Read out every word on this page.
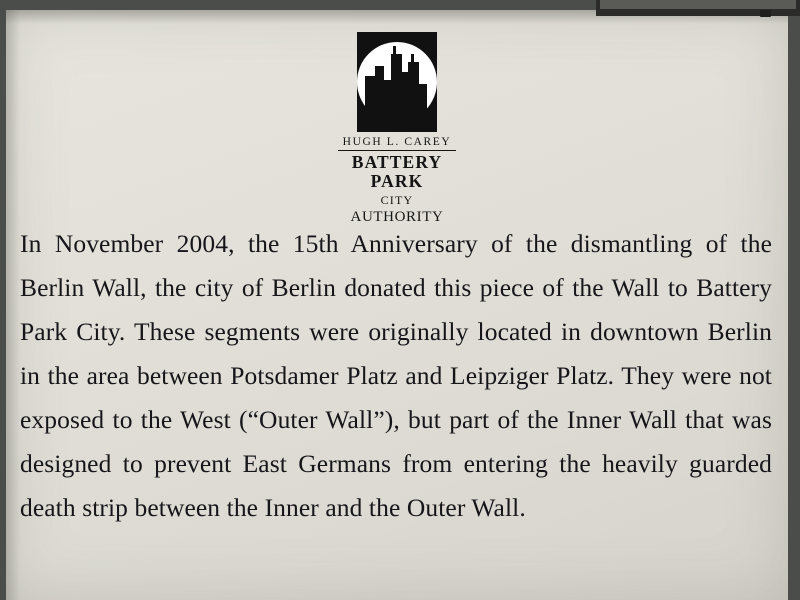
HUGH L. CAREY
BATTERY PARK
CITY AUTHORITY

In November 2004, the 15th Anniversary of the dismantling of the Berlin Wall, the city of Berlin donated this piece of the Wall to Battery Park City. These segments were originally located in downtown Berlin in the area between Potsdamer Platz and Leipziger Platz. They were not exposed to the West (“Outer Wall”), but part of the Inner Wall that was designed to prevent East Germans from entering the heavily guarded death strip between the Inner and the Outer Wall.
